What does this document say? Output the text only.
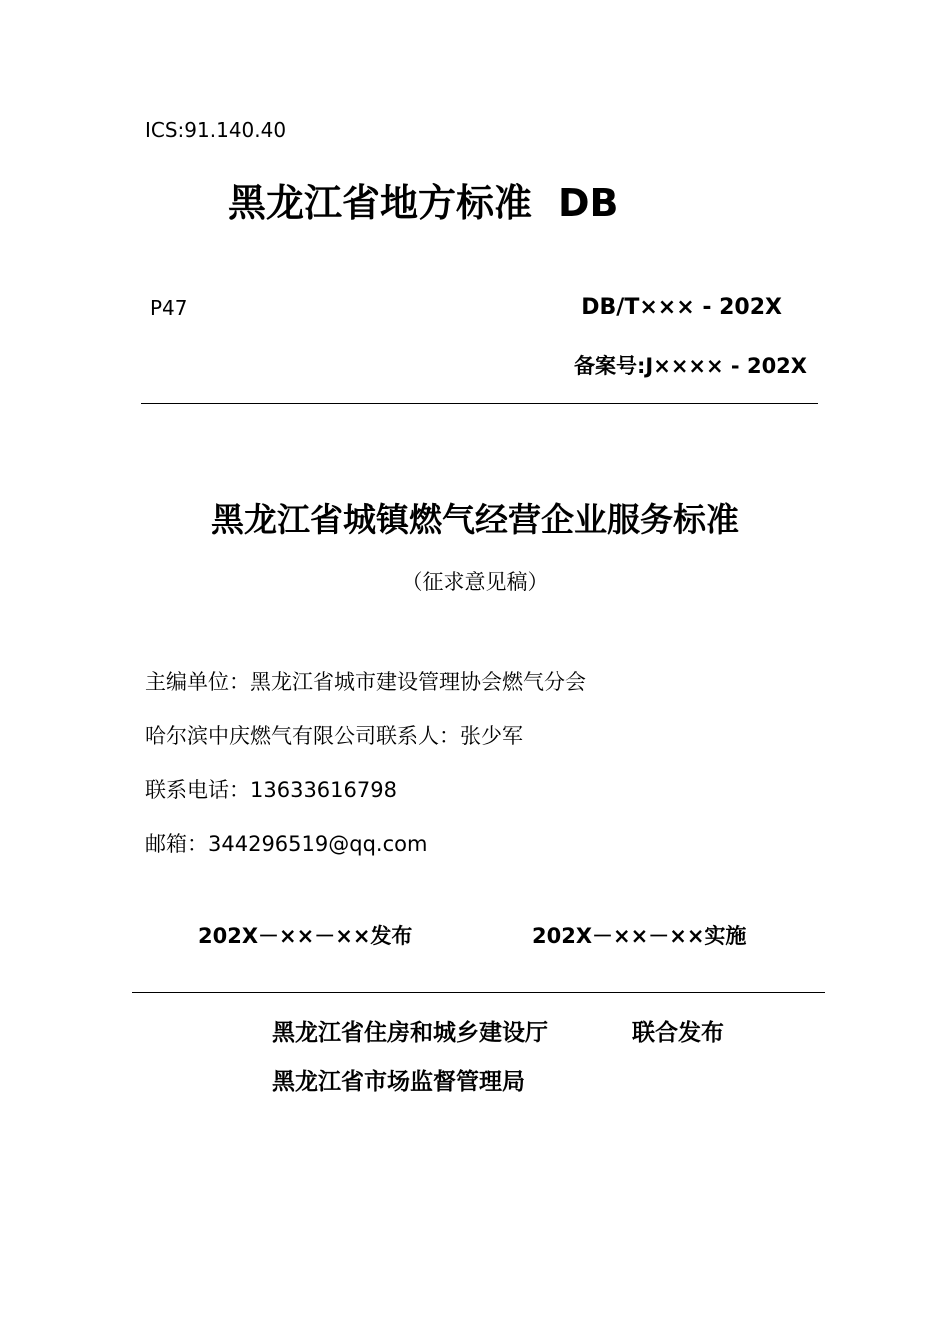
ICS:91.140.40
黑龙江省地方标准 DB
P47	DB/T××× - 202X
备案号:J×××× - 202X
黑龙江省城镇燃气经营企业服务标准
（征求意见稿）
主编单位：黑龙江省城市建设管理协会燃气分会
哈尔滨中庆燃气有限公司联系人：张少军
联系电话：13633616798
邮箱：344296519@qq.com
202X－××－××发布	202X－××－××实施
黑龙江省住房和城乡建设厅	联合发布
黑龙江省市场监督管理局
